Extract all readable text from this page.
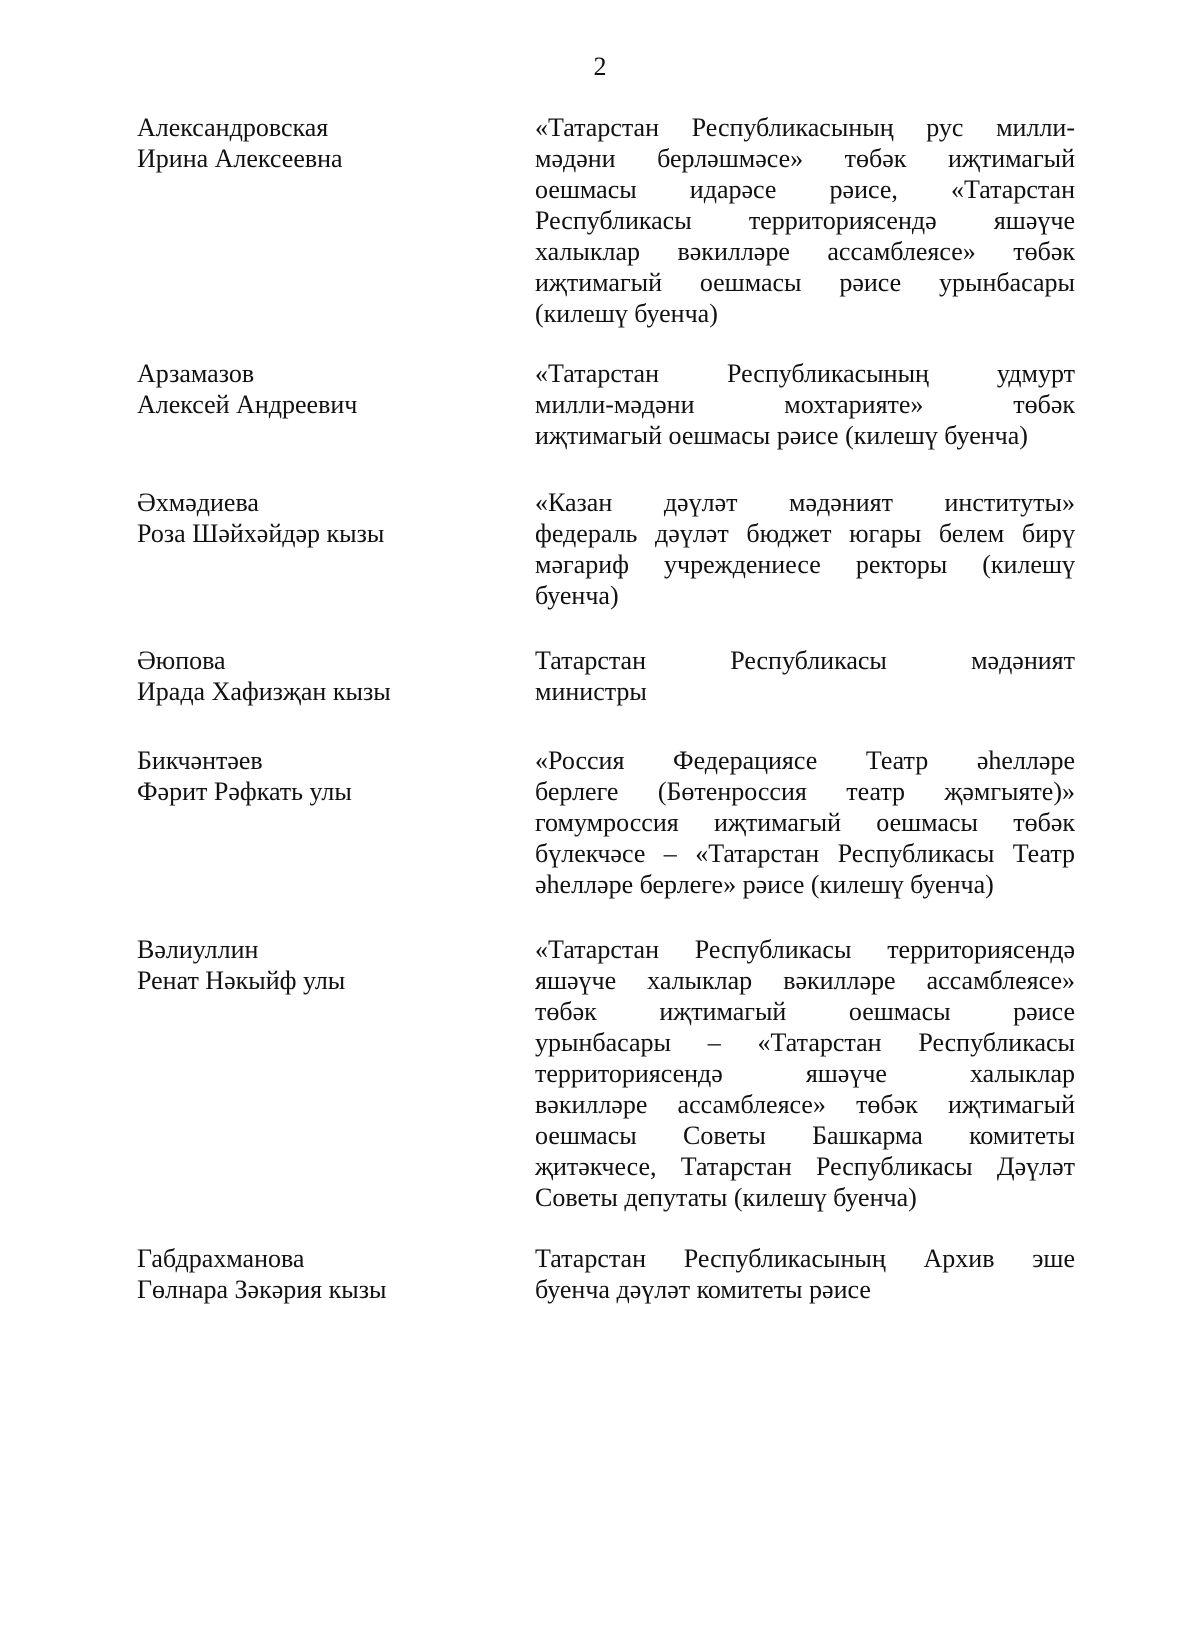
2
Александровская
Ирина Алексеевна
«Татарстан Республикасының рус милли-
мәдәни берләшмәсе» төбәк иҗтимагый
оешмасы идарәсе рәисе, «Татарстан
Республикасы территориясендә яшәүче
халыклар вәкилләре ассамблеясе» төбәк
иҗтимагый оешмасы рәисе урынбасары
(килешү буенча)
Арзамазов
Алексей Андреевич
«Татарстан Республикасының удмурт
милли-мәдәни мохтарияте» төбәк
иҗтимагый оешмасы рәисе (килешү буенча)
Әхмәдиева
Роза Шәйхәйдәр кызы
«Казан дәүләт мәдәният институты»
федераль дәүләт бюджет югары белем бирү
мәгариф учреждениесе ректоры (килешү
буенча)
Әюпова
Ирада Хафизҗан кызы
Татарстан Республикасы мәдәният
министры
Бикчәнтәев
Фәрит Рәфкать улы
«Россия Федерациясе Театр әһелләре
берлеге (Бөтенроссия театр җәмгыяте)»
гомумроссия иҗтимагый оешмасы төбәк
бүлекчәсе – «Татарстан Республикасы Театр
әһелләре берлеге» рәисе (килешү буенча)
Вәлиуллин
Ренат Нәкыйф улы
«Татарстан Республикасы территориясендә
яшәүче халыклар вәкилләре ассамблеясе»
төбәк иҗтимагый оешмасы рәисе
урынбасары – «Татарстан Республикасы
территориясендә яшәүче халыклар
вәкилләре ассамблеясе» төбәк иҗтимагый
оешмасы Советы Башкарма комитеты
җитәкчесе, Татарстан Республикасы Дәүләт
Советы депутаты (килешү буенча)
Габдрахманова
Гөлнара Зәкәрия кызы
Татарстан Республикасының Архив эше
буенча дәүләт комитеты рәисе
